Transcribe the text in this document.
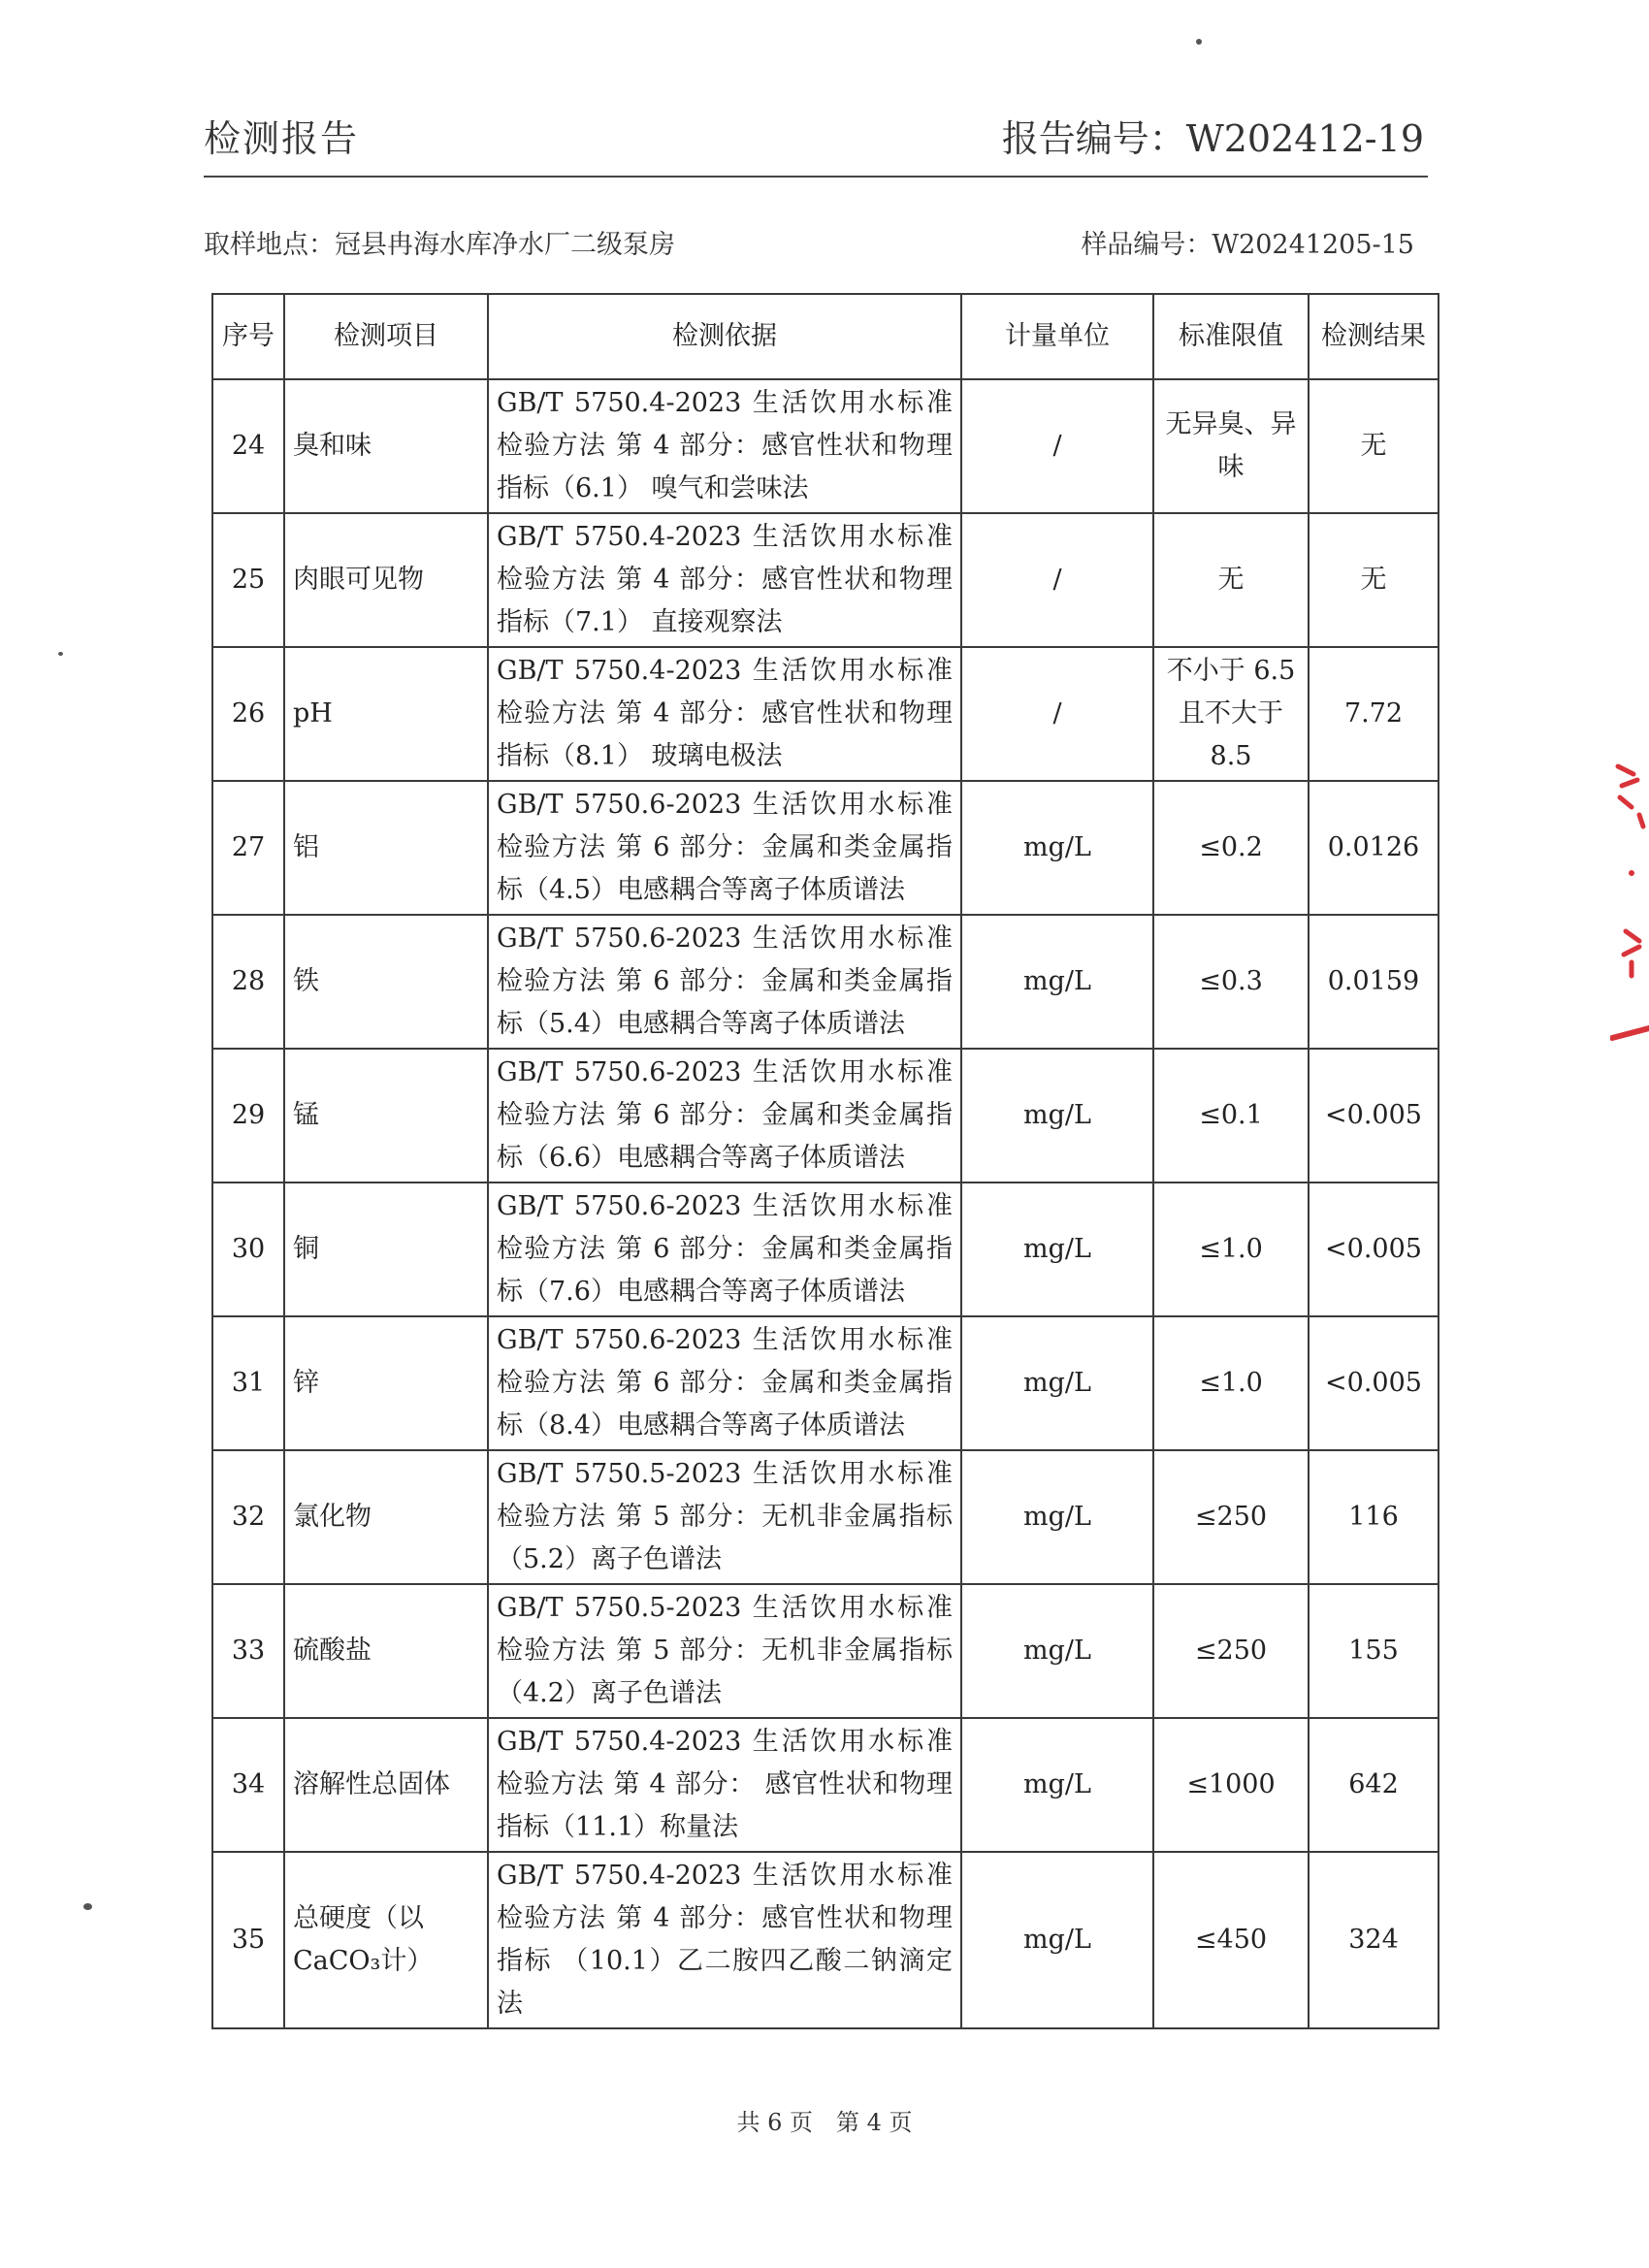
检测报告	报告编号：W202412-19
取样地点：冠县冉海水库净水厂二级泵房	样品编号：W20241205-15
序号	检测项目	检测依据	计量单位	标准限值	检测结果
24	臭和味	GB/T 5750.4-2023 生活饮用水标准检验方法 第 4 部分：感官性状和物理指标（6.1） 嗅气和尝味法	/	无异臭、异味	无
25	肉眼可见物	GB/T 5750.4-2023 生活饮用水标准检验方法 第 4 部分：感官性状和物理指标（7.1） 直接观察法	/	无	无
26	pH	GB/T 5750.4-2023 生活饮用水标准检验方法 第 4 部分：感官性状和物理指标（8.1） 玻璃电极法	/	不小于 6.5 且不大于 8.5	7.72
27	铝	GB/T 5750.6-2023 生活饮用水标准检验方法 第 6 部分：金属和类金属指标（4.5）电感耦合等离子体质谱法	mg/L	≤0.2	0.0126
28	铁	GB/T 5750.6-2023 生活饮用水标准检验方法 第 6 部分：金属和类金属指标（5.4）电感耦合等离子体质谱法	mg/L	≤0.3	0.0159
29	锰	GB/T 5750.6-2023 生活饮用水标准检验方法 第 6 部分：金属和类金属指标（6.6）电感耦合等离子体质谱法	mg/L	≤0.1	<0.005
30	铜	GB/T 5750.6-2023 生活饮用水标准检验方法 第 6 部分：金属和类金属指标（7.6）电感耦合等离子体质谱法	mg/L	≤1.0	<0.005
31	锌	GB/T 5750.6-2023 生活饮用水标准检验方法 第 6 部分：金属和类金属指标（8.4）电感耦合等离子体质谱法	mg/L	≤1.0	<0.005
32	氯化物	GB/T 5750.5-2023 生活饮用水标准检验方法 第 5 部分：无机非金属指标（5.2）离子色谱法	mg/L	≤250	116
33	硫酸盐	GB/T 5750.5-2023 生活饮用水标准检验方法 第 5 部分：无机非金属指标（4.2）离子色谱法	mg/L	≤250	155
34	溶解性总固体	GB/T 5750.4-2023 生活饮用水标准检验方法 第 4 部分： 感官性状和物理指标（11.1）称量法	mg/L	≤1000	642
35	总硬度（以CaCO₃计）	GB/T 5750.4-2023 生活饮用水标准检验方法 第 4 部分：感官性状和物理指标 （10.1）乙二胺四乙酸二钠滴定法	mg/L	≤450	324
共 6 页　第 4 页
